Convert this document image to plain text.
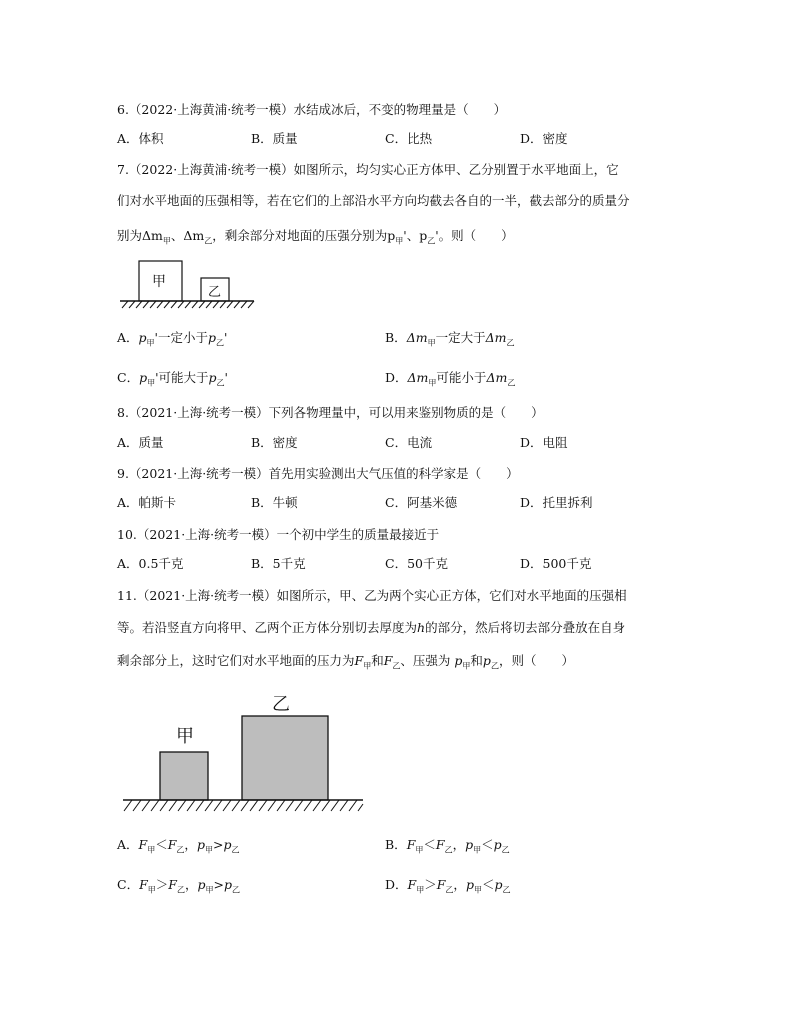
6.（2022·上海黄浦·统考一模）水结成冰后，不变的物理量是（　　）
A．体积	B．质量	C．比热	D．密度
7.（2022·上海黄浦·统考一模）如图所示，均匀实心正方体甲、乙分别置于水平地面上，它
们对水平地面的压强相等，若在它们的上部沿水平方向均截去各自的一半，截去部分的质量分
别为$\Delta m_甲$、$\Delta m_乙$，剩余部分对地面的压强分别为$p_甲'$、$p_乙'$。则（　　）
甲
乙
A．$p_甲'$一定小于$p_乙'$	B．$\Delta m_甲$一定大于$\Delta m_乙$
C．$p_甲'$可能大于$p_乙'$	D．$\Delta m_甲$可能小于$\Delta m_乙$
8.（2021·上海·统考一模）下列各物理量中，可以用来鉴别物质的是（　　）
A．质量	B．密度	C．电流	D．电阻
9.（2021·上海·统考一模）首先用实验测出大气压值的科学家是（　　）
A．帕斯卡	B．牛顿	C．阿基米德	D．托里拆利
10.（2021·上海·统考一模）一个初中学生的质量最接近于
A．0.5千克	B．5千克	C．50千克	D．500千克
11.（2021·上海·统考一模）如图所示，甲、乙为两个实心正方体，它们对水平地面的压强相
等。若沿竖直方向将甲、乙两个正方体分别切去厚度为h的部分，然后将切去部分叠放在自身
剩余部分上，这时它们对水平地面的压力为$F_甲$和$F_乙$、压强为 $p_甲$和$p_乙$，则（　　）
乙
甲
A．$F_甲<F_乙$，$p_甲>p_乙$	B．$F_甲<F_乙$，$p_甲<p_乙$
C．$F_甲>F_乙$，$p_甲>p_乙$	D．$F_甲>F_乙$，$p_甲<p_乙$
